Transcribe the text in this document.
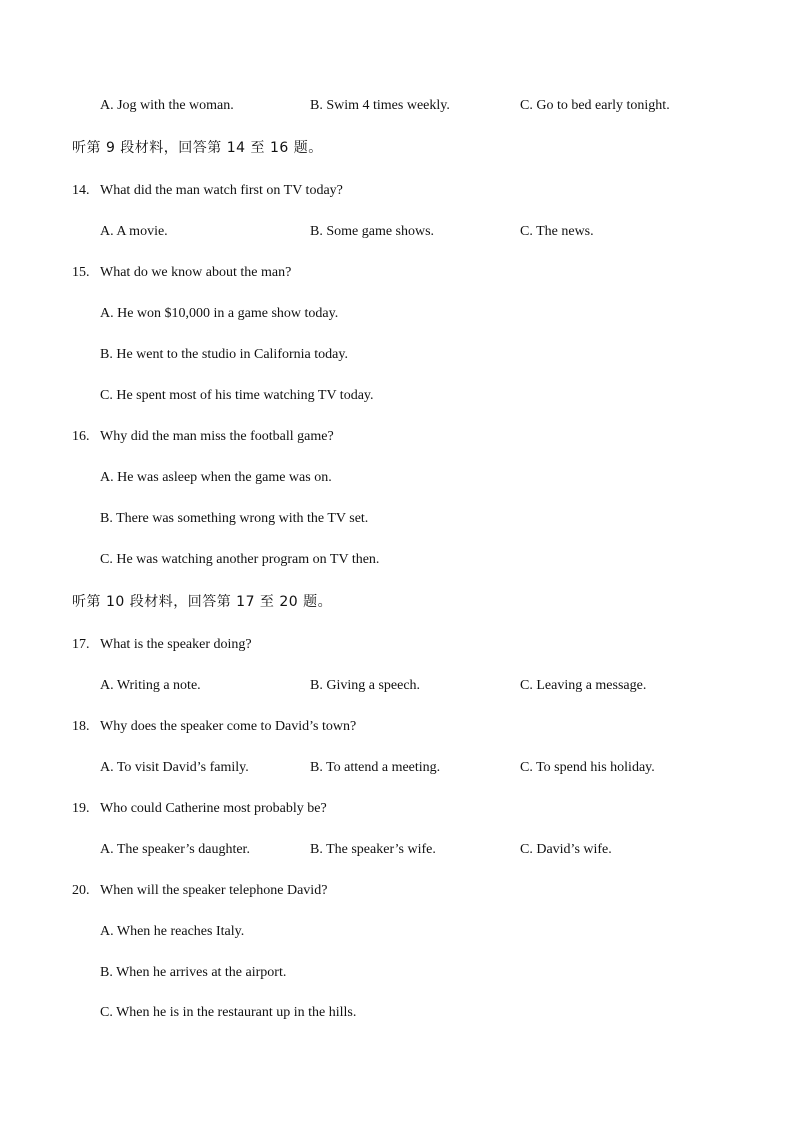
A. Jog with the woman.	B. Swim 4 times weekly.	C. Go to bed early tonight.
听第 9 段材料，回答第 14 至 16 题。
14. What did the man watch first on TV today?
A. A movie.	B. Some game shows.	C. The news.
15. What do we know about the man?
A. He won $10,000 in a game show today.
B. He went to the studio in California today.
C. He spent most of his time watching TV today.
16. Why did the man miss the football game?
A. He was asleep when the game was on.
B. There was something wrong with the TV set.
C. He was watching another program on TV then.
听第 10 段材料，回答第 17 至 20 题。
17. What is the speaker doing?
A. Writing a note.	B. Giving a speech.	C. Leaving a message.
18. Why does the speaker come to David’s town?
A. To visit David’s family.	B. To attend a meeting.	C. To spend his holiday.
19. Who could Catherine most probably be?
A. The speaker’s daughter.	B. The speaker’s wife.	C. David’s wife.
20. When will the speaker telephone David?
A. When he reaches Italy.
B. When he arrives at the airport.
C. When he is in the restaurant up in the hills.
